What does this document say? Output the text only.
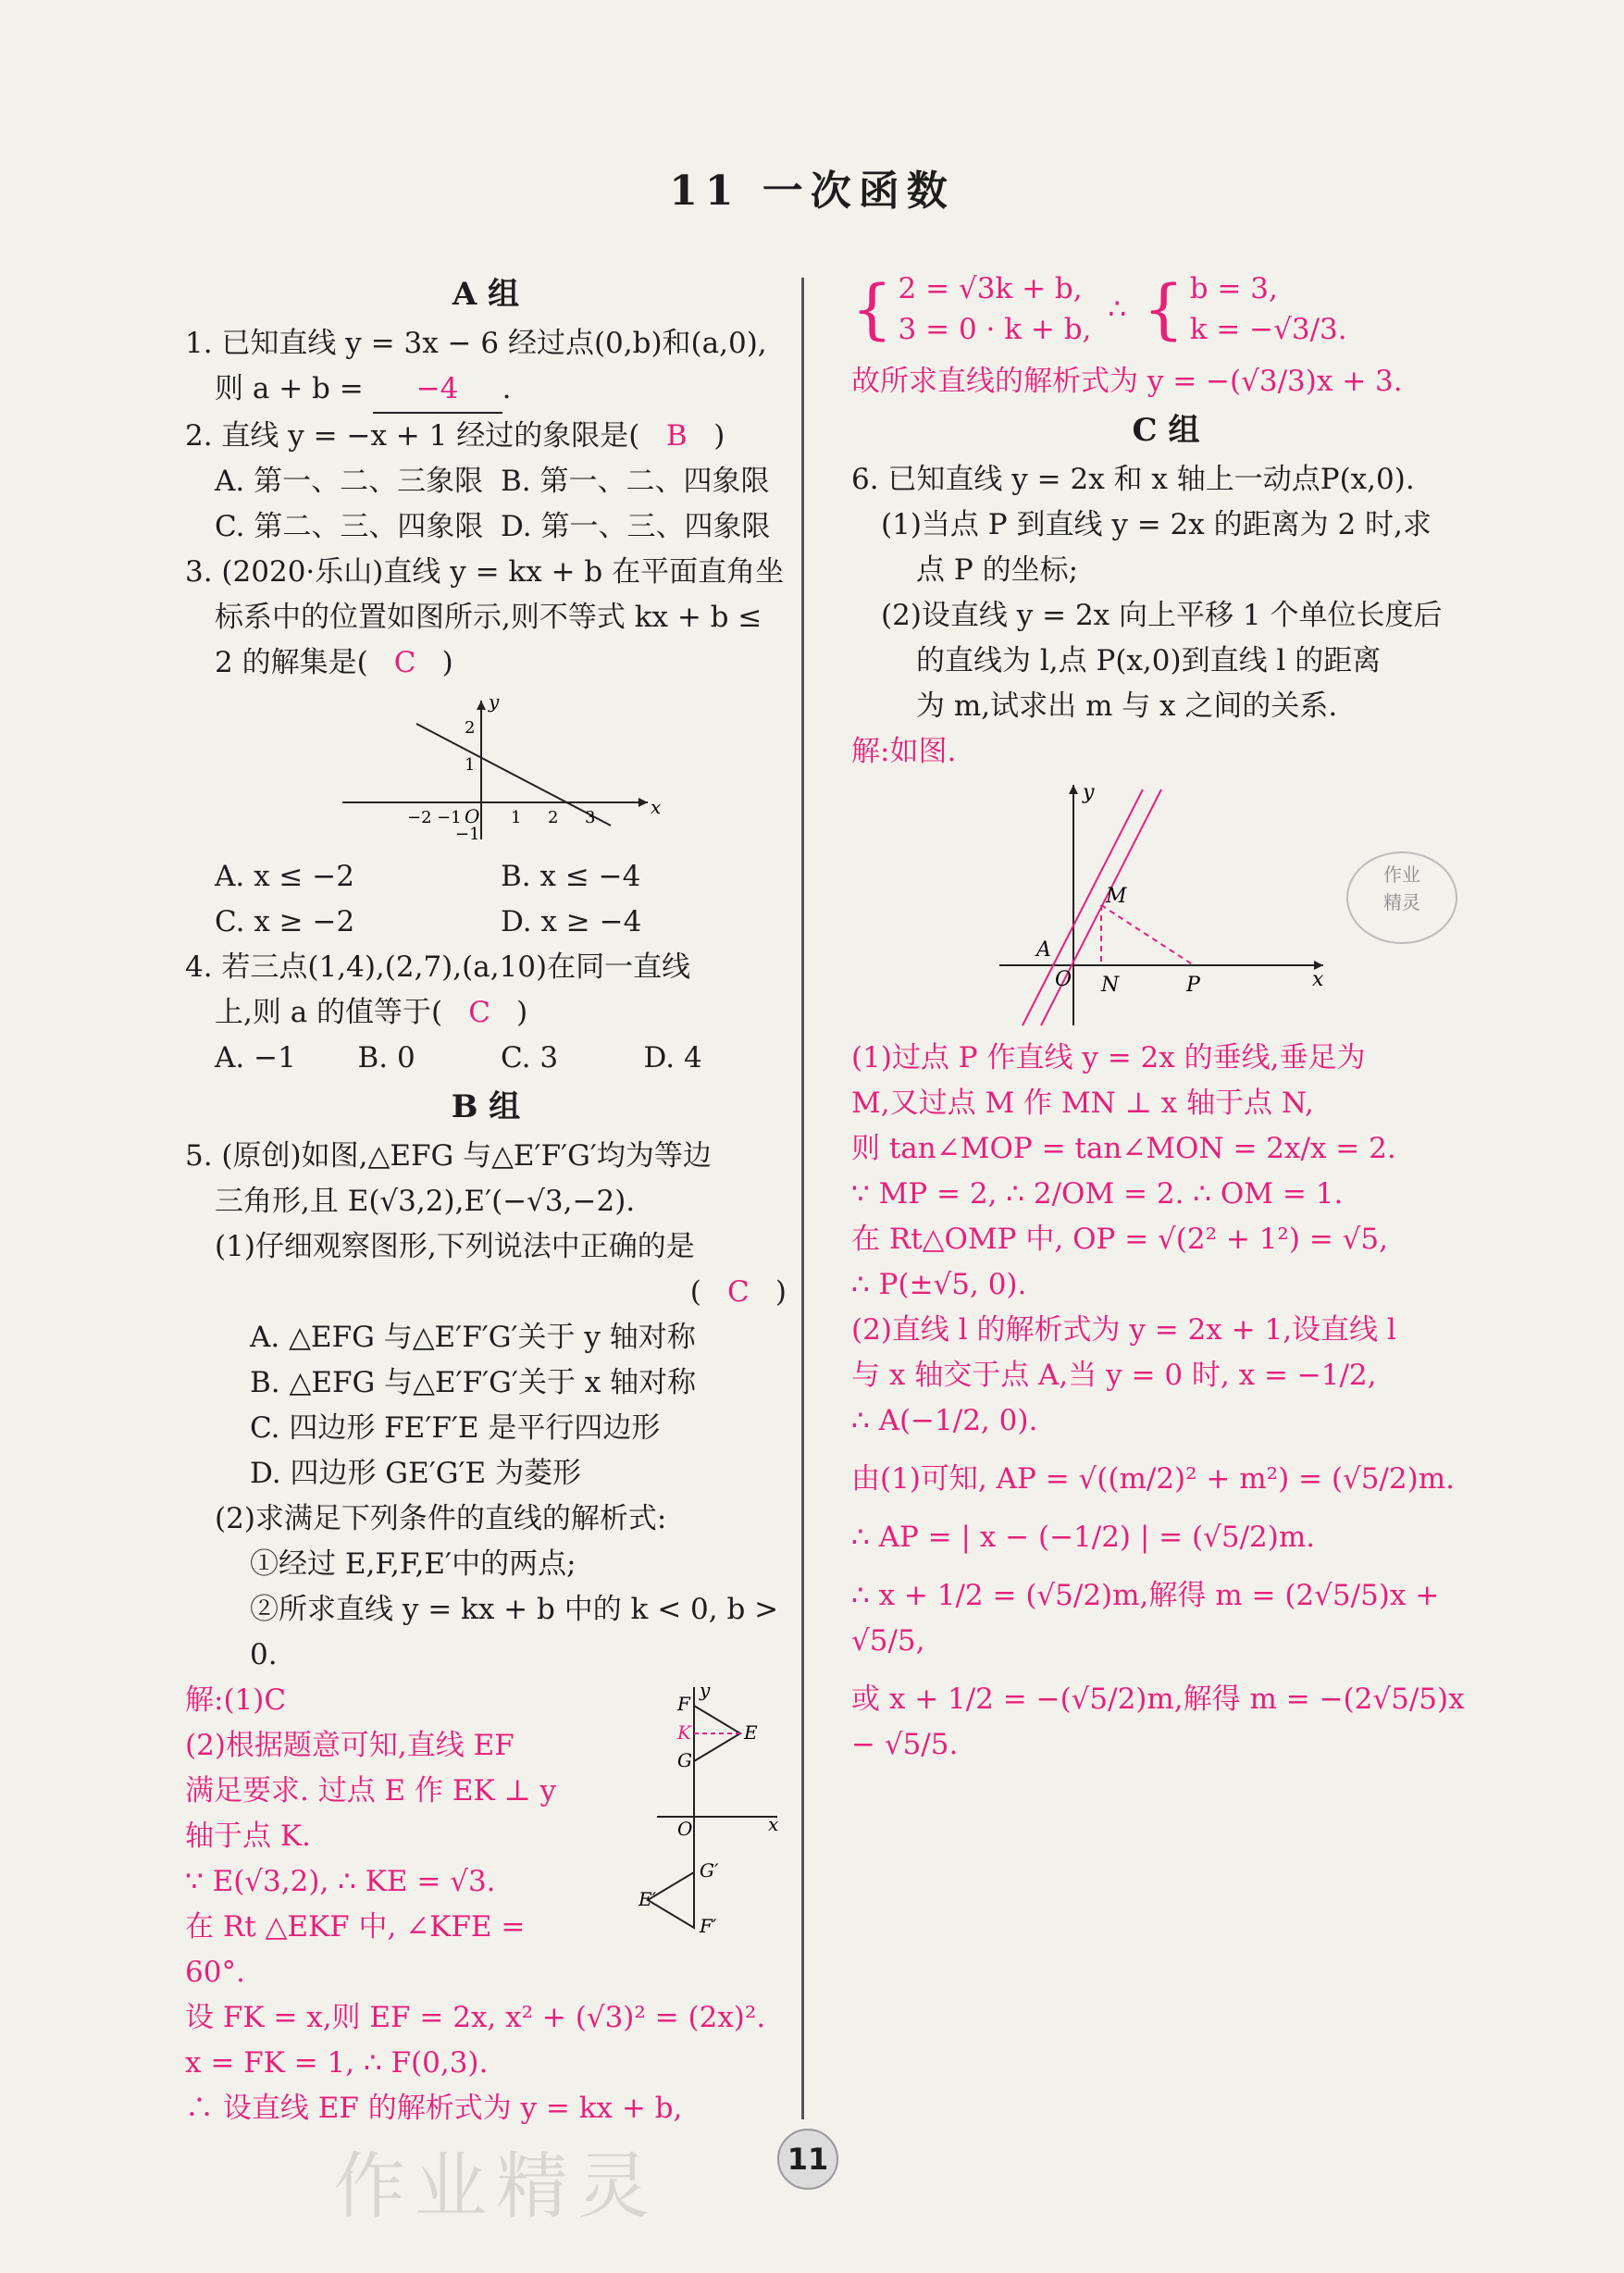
11 一次函数
A 组
1. 已知直线 y = 3x − 6 经过点(0,b)和(a,0),
则 a + b = −4 .
2. 直线 y = −x + 1 经过的象限是( B )
A. 第一、二、三象限 B. 第一、二、四象限
C. 第二、三、四象限 D. 第一、三、四象限
3. (2020·乐山)直线 y = kx + b 在平面直角坐
标系中的位置如图所示,则不等式 kx + b ≤
2 的解集是( C )
x
y
O
−2 −1	1 2 3
2
1
−1
A. x ≤ −2	B. x ≤ −4
C. x ≥ −2	D. x ≥ −4
4. 若三点(1,4),(2,7),(a,10)在同一直线
上,则 a 的值等于( C )
A. −1	B. 0	C. 3	D. 4
B 组
5. (原创)如图,△EFG 与△E′F′G′均为等边
三角形,且 E(√3,2),E′(−√3,−2).
(1)仔细观察图形,下列说法中正确的是
( C )
A. △EFG 与△E′F′G′关于 y 轴对称
B. △EFG 与△E′F′G′关于 x 轴对称
C. 四边形 FE′F′E 是平行四边形
D. 四边形 GE′G′E 为菱形
(2)求满足下列条件的直线的解析式:
①经过 E,F,F,E′中的两点;
②所求直线 y = kx + b 中的 k < 0, b > 0.
F
K	E
G
O	x
y
E′
G′
F′
解:(1)C
(2)根据题意可知,直线 EF
满足要求. 过点 E 作 EK ⊥ y
轴于点 K.
∵ E(√3,2), ∴ KE = √3.
在 Rt △EKF 中, ∠KFE =
60°.
设 FK = x,则 EF = 2x, x² + (√3)² = (2x)².
x = FK = 1, ∴ F(0,3).
∴ 设直线 EF 的解析式为 y = kx + b,
{ 2 = √3k + b,
3 = 0 · k + b,
∴ { b = 3,
k = −√3/3.
故所求直线的解析式为 y = −(√3/3)x + 3.
C 组
6. 已知直线 y = 2x 和 x 轴上一动点P(x,0).
(1)当点 P 到直线 y = 2x 的距离为 2 时,求
点 P 的坐标;
(2)设直线 y = 2x 向上平移 1 个单位长度后
的直线为 l,点 P(x,0)到直线 l 的距离
为 m,试求出 m 与 x 之间的关系.
解:如图.
y
M
A
O N	P	x
(1)过点 P 作直线 y = 2x 的垂线,垂足为
M,又过点 M 作 MN ⊥ x 轴于点 N,
则 tan∠MOP = tan∠MON = 2x/x = 2.
∵ MP = 2, ∴ 2/OM = 2. ∴ OM = 1.
在 Rt△OMP 中, OP = √(2² + 1²) = √5,
∴ P(±√5, 0).
(2)直线 l 的解析式为 y = 2x + 1,设直线 l
与 x 轴交于点 A,当 y = 0 时, x = −1/2,
∴ A(−1/2, 0).
由(1)可知, AP = √((m/2)² + m²) = (√5/2)m.
∴ AP = | x − (−1/2) | = (√5/2)m.
∴ x + 1/2 = (√5/2)m,解得 m = (2√5/5)x + √5/5,
或 x + 1/2 = −(√5/2)m,解得 m = −(2√5/5)x − √5/5.
作业
精灵
作业精灵	11
